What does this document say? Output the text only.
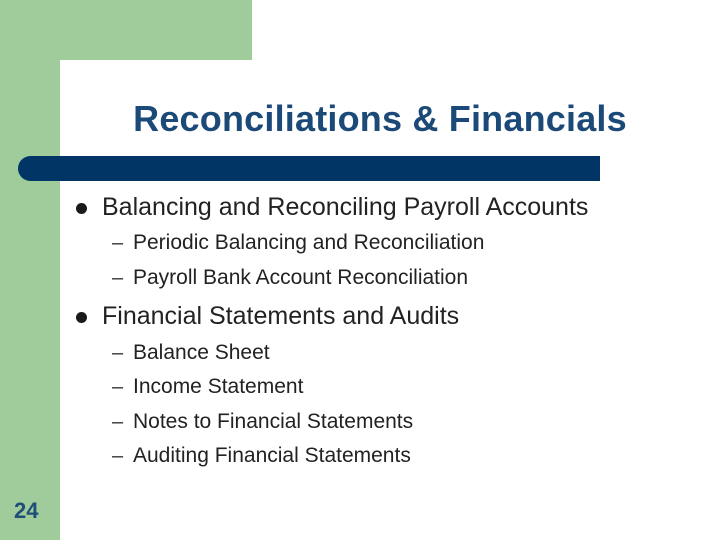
Reconciliations & Financials
Balancing and Reconciling Payroll Accounts
– Periodic Balancing and Reconciliation
– Payroll Bank Account Reconciliation
Financial Statements and Audits
– Balance Sheet
– Income Statement
– Notes to Financial Statements
– Auditing Financial Statements
24
